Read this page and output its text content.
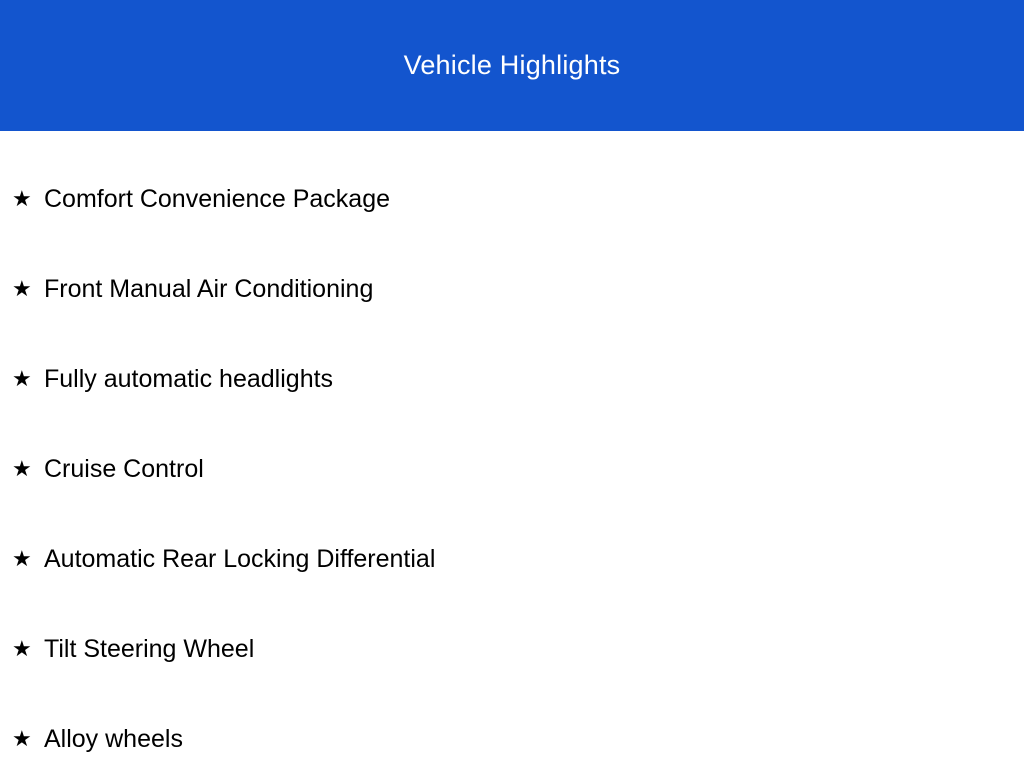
Vehicle Highlights
★ Comfort Convenience Package
★ Front Manual Air Conditioning
★ Fully automatic headlights
★ Cruise Control
★ Automatic Rear Locking Differential
★ Tilt Steering Wheel
★ Alloy wheels
